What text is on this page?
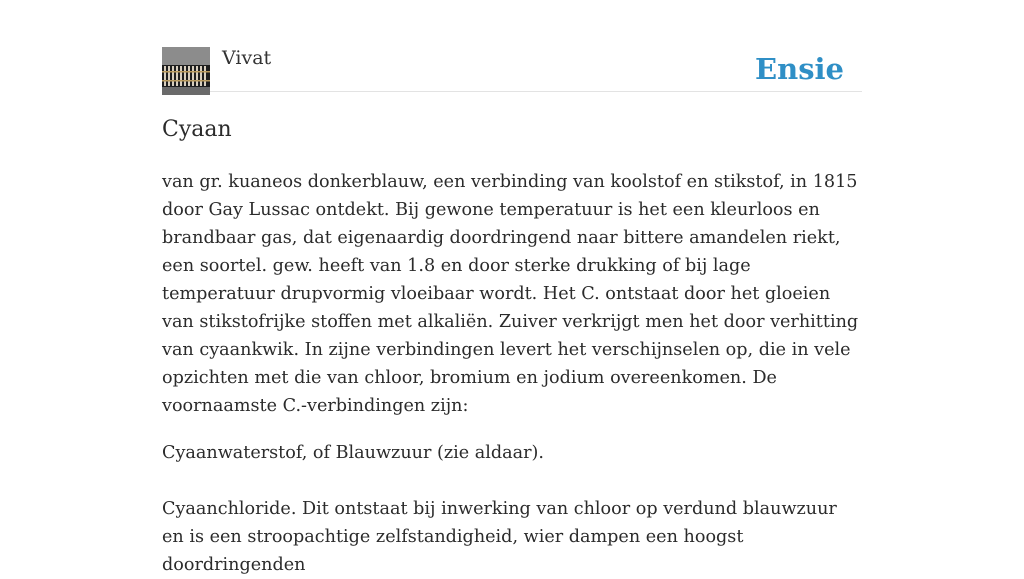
Vivat	Ensie
Cyaan

van gr. kuaneos donkerblauw, een verbinding van koolstof en stikstof, in 1815 door Gay Lussac ontdekt. Bij gewone temperatuur is het een kleurloos en brandbaar gas, dat eigenaardig doordringend naar bittere amandelen riekt, een soortel. gew. heeft van 1.8 en door sterke drukking of bij lage temperatuur drupvormig vloeibaar wordt. Het C. ontstaat door het gloeien van stikstofrijke stoffen met alkaliën. Zuiver verkrijgt men het door verhitting van cyaankwik. In zijne verbindingen levert het verschijnselen op, die in vele opzichten met die van chloor, bromium en jodium overeenkomen. De voornaamste C.-verbindingen zijn:

Cyaanwaterstof, of Blauwzuur (zie aldaar).

Cyaanchloride. Dit ontstaat bij inwerking van chloor op verdund blauwzuur en is een stroopachtige zelfstandigheid, wier dampen een hoogst doordringenden
